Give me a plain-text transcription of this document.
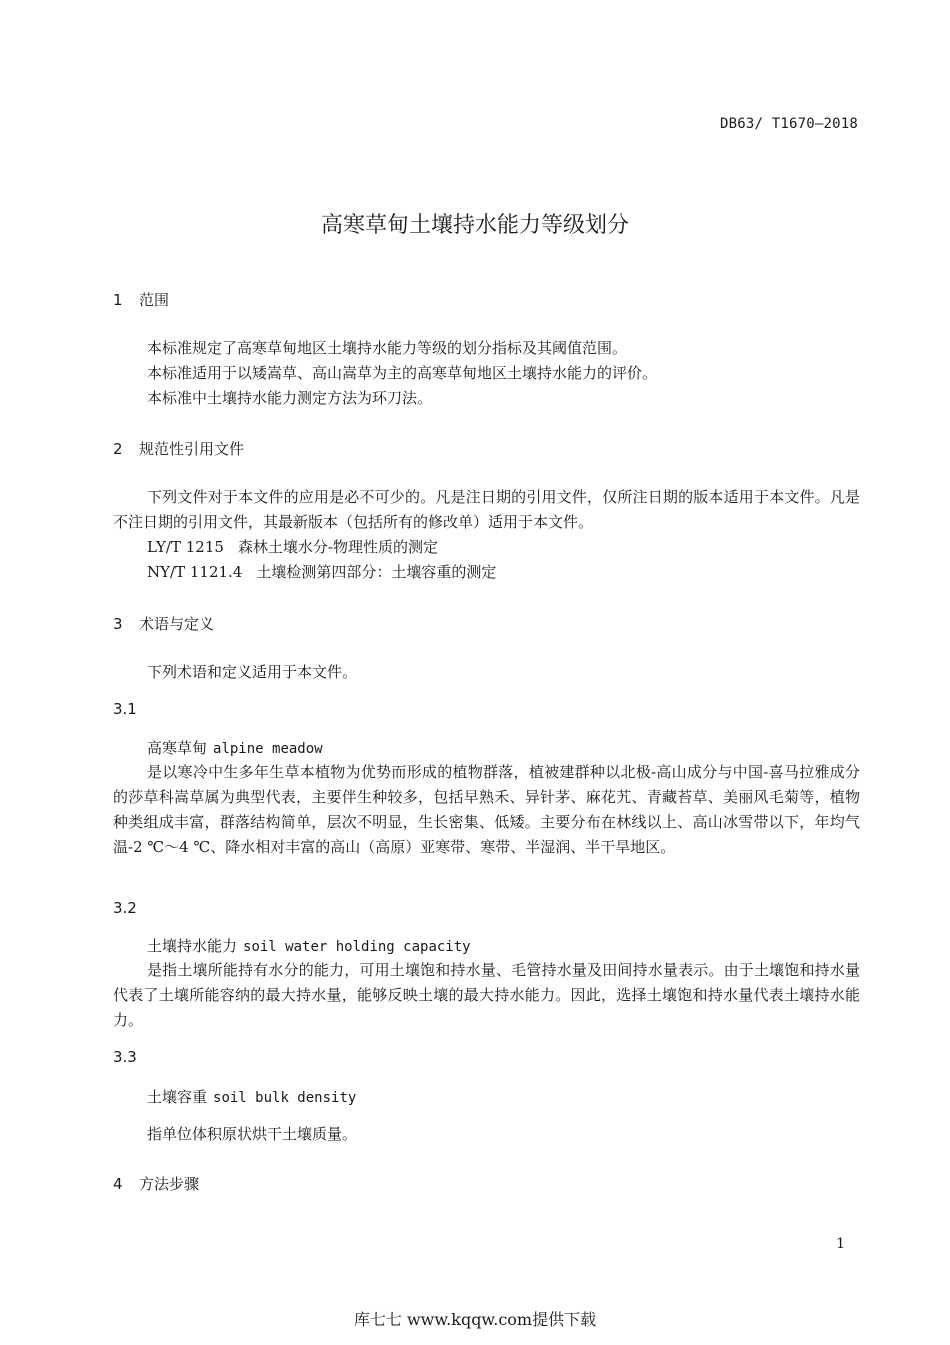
DB63/ T1670—2018
高寒草甸土壤持水能力等级划分
1 范围
本标准规定了高寒草甸地区土壤持水能力等级的划分指标及其阈值范围。
本标准适用于以矮嵩草、高山嵩草为主的高寒草甸地区土壤持水能力的评价。
本标准中土壤持水能力测定方法为环刀法。
2 规范性引用文件
下列文件对于本文件的应用是必不可少的。凡是注日期的引用文件，仅所注日期的版本适用于本文件。凡是不注日期的引用文件，其最新版本（包括所有的修改单）适用于本文件。
LY/T 1215 森林土壤水分-物理性质的测定
NY/T 1121.4 土壤检测第四部分：土壤容重的测定
3 术语与定义
下列术语和定义适用于本文件。
3.1
高寒草甸 alpine meadow
是以寒冷中生多年生草本植物为优势而形成的植物群落，植被建群种以北极-高山成分与中国-喜马拉雅成分的莎草科嵩草属为典型代表，主要伴生种较多，包括早熟禾、异针茅、麻花艽、青藏苔草、美丽风毛菊等，植物种类组成丰富，群落结构简单，层次不明显，生长密集、低矮。主要分布在林线以上、高山冰雪带以下，年均气温-2 ℃～4 ℃、降水相对丰富的高山（高原）亚寒带、寒带、半湿润、半干旱地区。
3.2
土壤持水能力 soil water holding capacity
是指土壤所能持有水分的能力，可用土壤饱和持水量、毛管持水量及田间持水量表示。由于土壤饱和持水量代表了土壤所能容纳的最大持水量，能够反映土壤的最大持水能力。因此，选择土壤饱和持水量代表土壤持水能力。
3.3
土壤容重 soil bulk density
指单位体积原状烘干土壤质量。
4 方法步骤
1
库七七 www.kqqw.com提供下载
